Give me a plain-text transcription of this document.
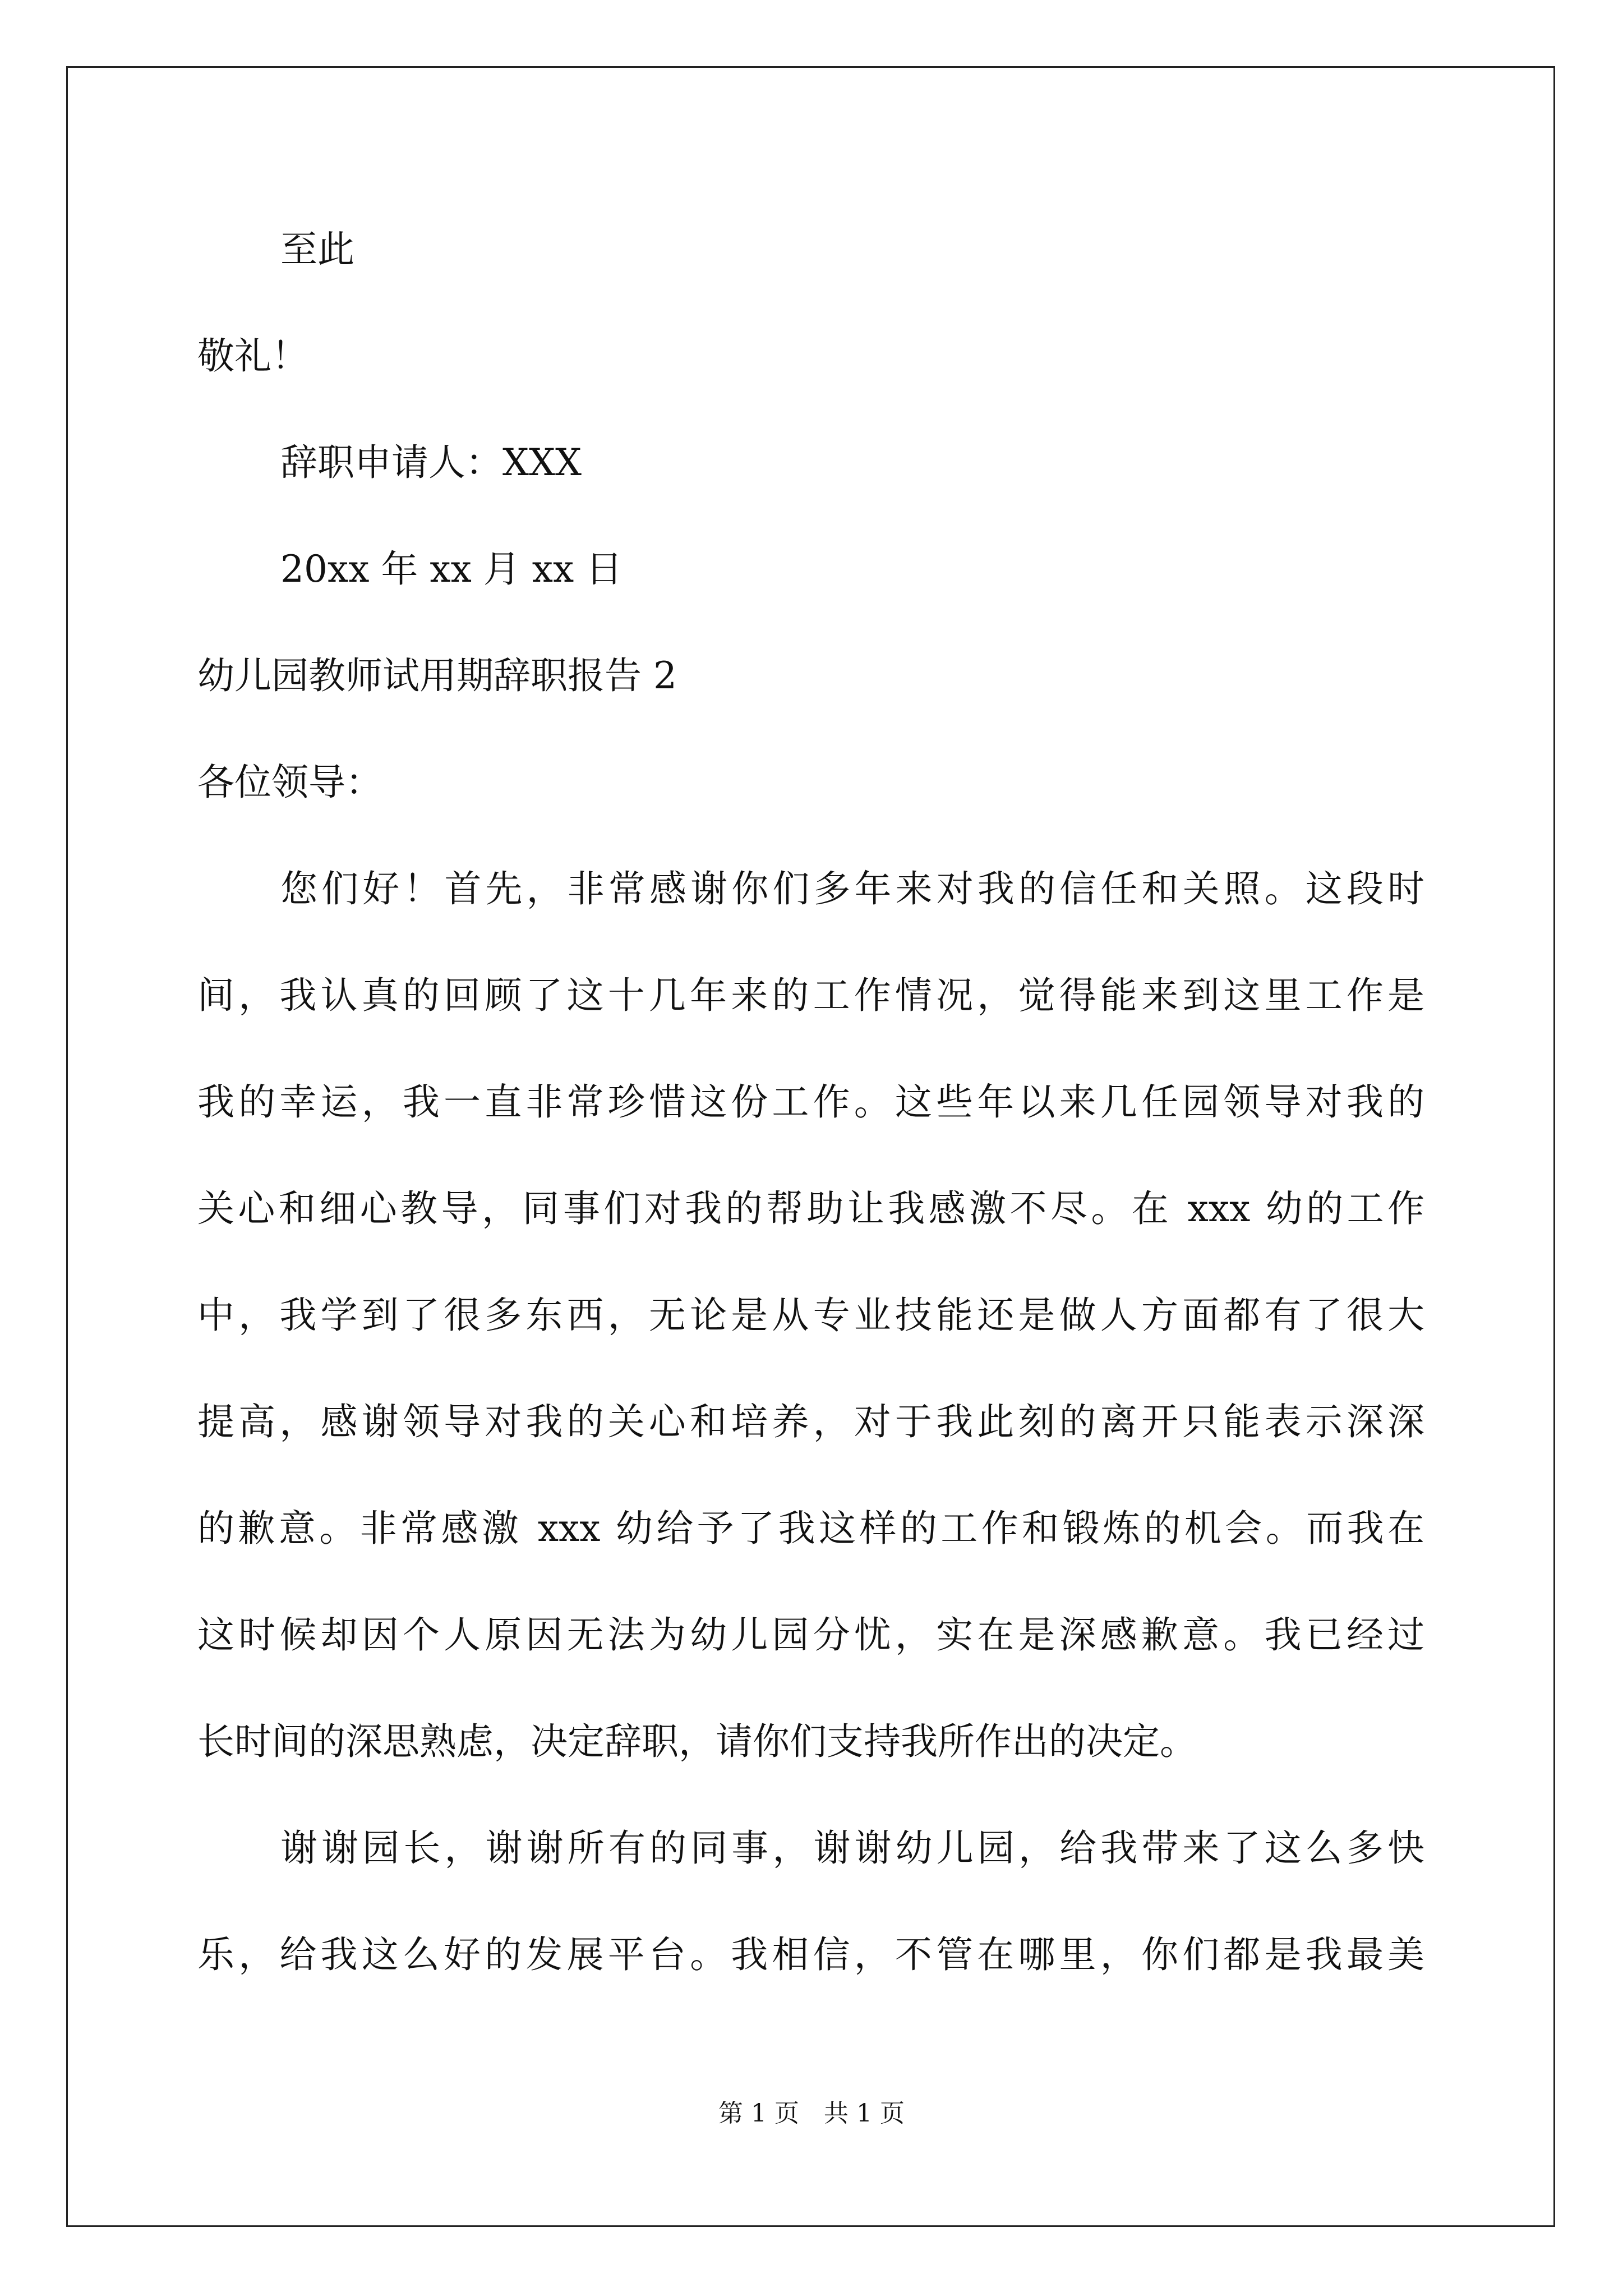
至此

敬礼！

辞职申请人：XXX

20xx 年 xx 月 xx 日

幼儿园教师试用期辞职报告 2

各位领导：

您们好！首先，非常感谢你们多年来对我的信任和关照。这段时

间，我认真的回顾了这十几年来的工作情况，觉得能来到这里工作是

我的幸运，我一直非常珍惜这份工作。这些年以来几任园领导对我的

关心和细心教导，同事们对我的帮助让我感激不尽。在 xxx 幼的工作

中，我学到了很多东西，无论是从专业技能还是做人方面都有了很大

提高，感谢领导对我的关心和培养，对于我此刻的离开只能表示深深

的歉意。非常感激 xxx 幼给予了我这样的工作和锻炼的机会。而我在

这时候却因个人原因无法为幼儿园分忧，实在是深感歉意。我已经过

长时间的深思熟虑，决定辞职，请你们支持我所作出的决定。

谢谢园长，谢谢所有的同事，谢谢幼儿园，给我带来了这么多快

乐，给我这么好的发展平台。我相信，不管在哪里，你们都是我最美

第 1 页　共 1 页
